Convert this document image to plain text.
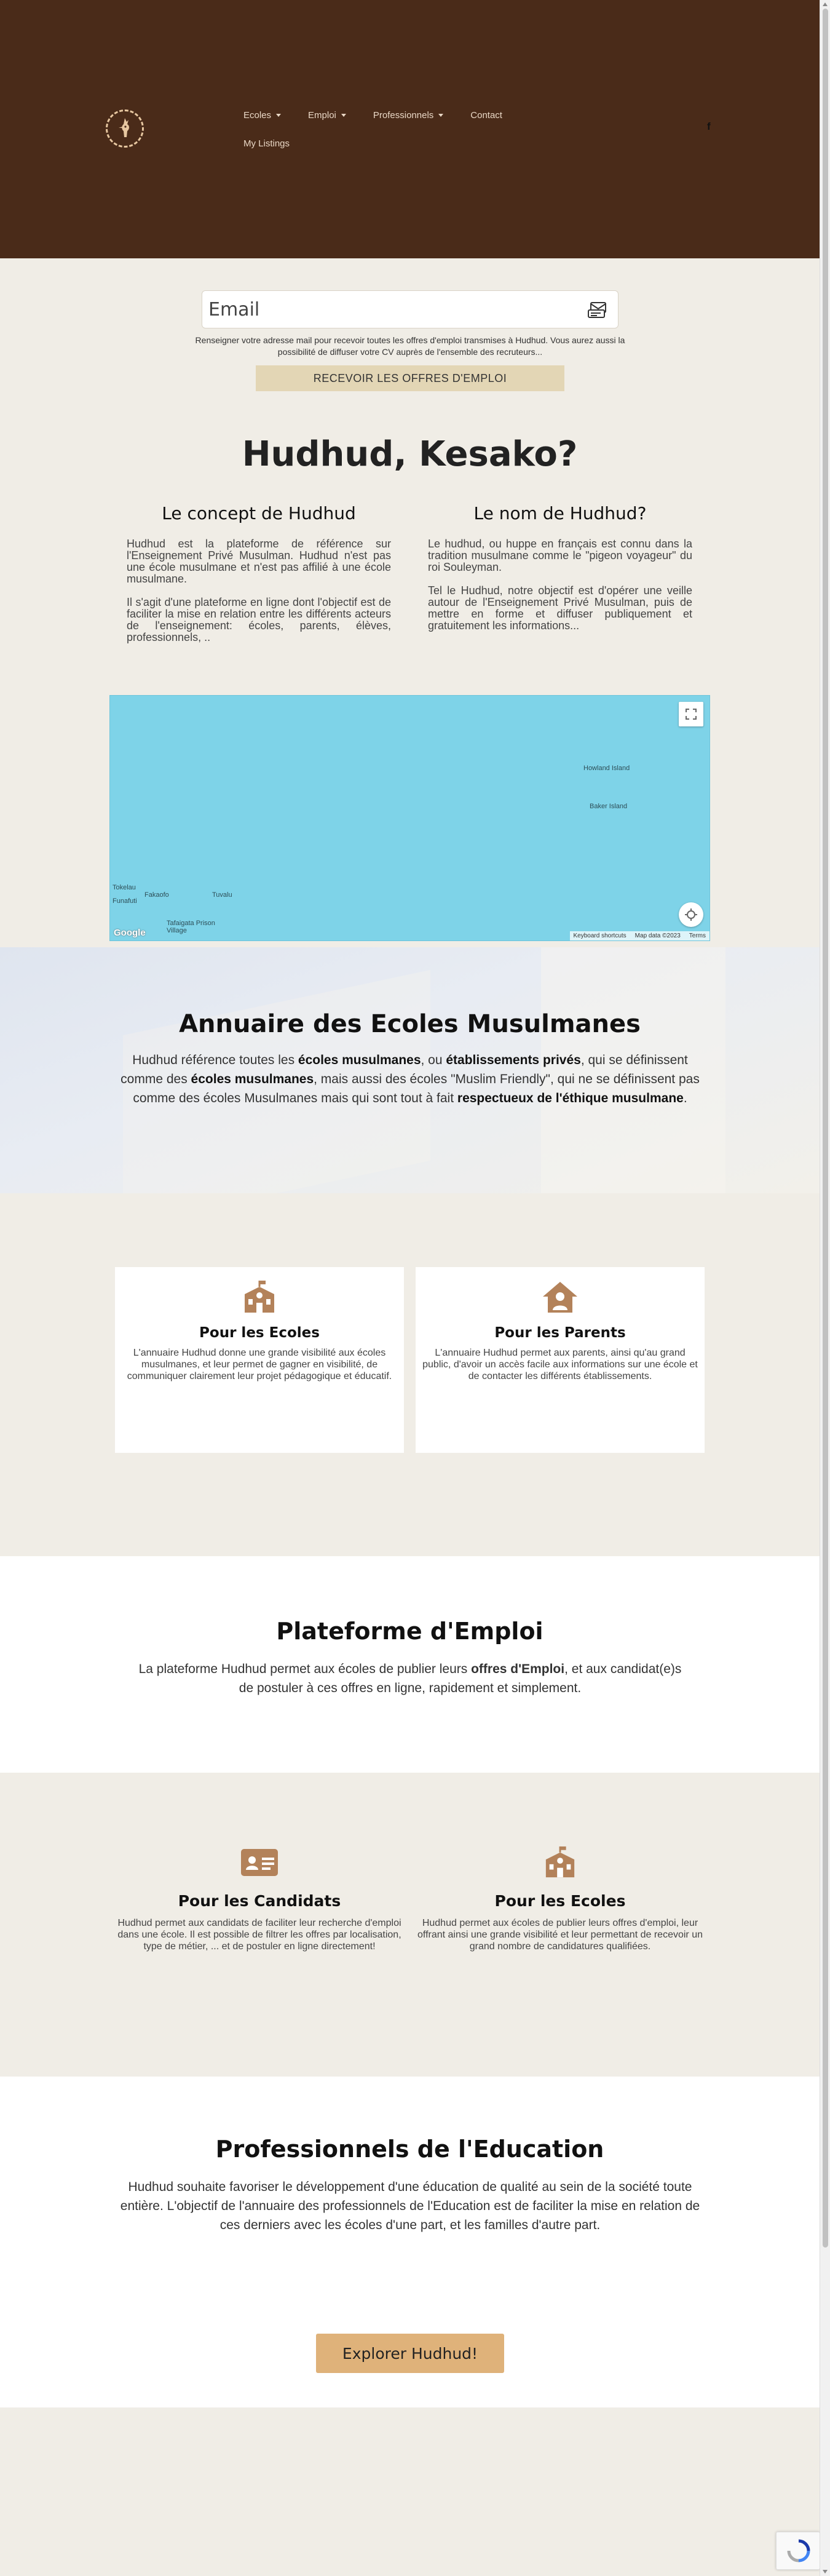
Ecoles	Emploi	Professionnels	Contact
My Listings
f
Email

Renseigner votre adresse mail pour recevoir toutes les offres d'emploi transmises à Hudhud. Vous aurez aussi la possibilité de diffuser votre CV auprès de l'ensemble des recruteurs...

RECEVOIR LES OFFRES D'EMPLOI
Hudhud, Kesako?
Le concept de Hudhud

Hudhud est la plateforme de référence sur l'Enseignement Privé Musulman. Hudhud n'est pas une école musulmane et n'est pas affilié à une école musulmane.

Il s'agit d'une plateforme en ligne dont l'objectif est de faciliter la mise en relation entre les différents acteurs de l'enseignement: écoles, parents, élèves, professionnels, ..

Le nom de Hudhud?

Le hudhud, ou huppe en français est connu dans la tradition musulmane comme le "pigeon voyageur" du roi Souleyman.

Tel le Hudhud, notre objectif est d'opérer une veille autour de l'Enseignement Privé Musulman, puis de mettre en forme et diffuser publiquement et gratuitement les informations...

Howland Island
Baker Island
Tokelau
Fakaofo	Tuvalu
Funafuti
Tafaigata Prison
Village
Google	Keyboard shortcuts Map data ©2023 Terms
Annuaire des Ecoles Musulmanes

Hudhud référence toutes les écoles musulmanes, ou établissements privés, qui se définissent comme des écoles musulmanes, mais aussi des écoles "Muslim Friendly", qui ne se définissent pas comme des écoles Musulmanes mais qui sont tout à fait respectueux de l'éthique musulmane.

Pour les Ecoles

L'annuaire Hudhud donne une grande visibilité aux écoles musulmanes, et leur permet de gagner en visibilité, de communiquer clairement leur projet pédagogique et éducatif.

Pour les Parents

L'annuaire Hudhud permet aux parents, ainsi qu'au grand public, d'avoir un accès facile aux informations sur une école et de contacter les différents établissements.

Plateforme d'Emploi

La plateforme Hudhud permet aux écoles de publier leurs offres d'Emploi, et aux candidat(e)s de postuler à ces offres en ligne, rapidement et simplement.

Pour les Candidats

Hudhud permet aux candidats de faciliter leur recherche d'emploi dans une école. Il est possible de filtrer les offres par localisation, type de métier, ... et de postuler en ligne directement!

Pour les Ecoles

Hudhud permet aux écoles de publier leurs offres d'emploi, leur offrant ainsi une grande visibilité et leur permettant de recevoir un grand nombre de candidatures qualifiées.

Professionnels de l'Education

Hudhud souhaite favoriser le développement d'une éducation de qualité au sein de la société toute entière. L'objectif de l'annuaire des professionnels de l'Education est de faciliter la mise en relation de ces derniers avec les écoles d'une part, et les familles d'autre part.

Explorer Hudhud!
